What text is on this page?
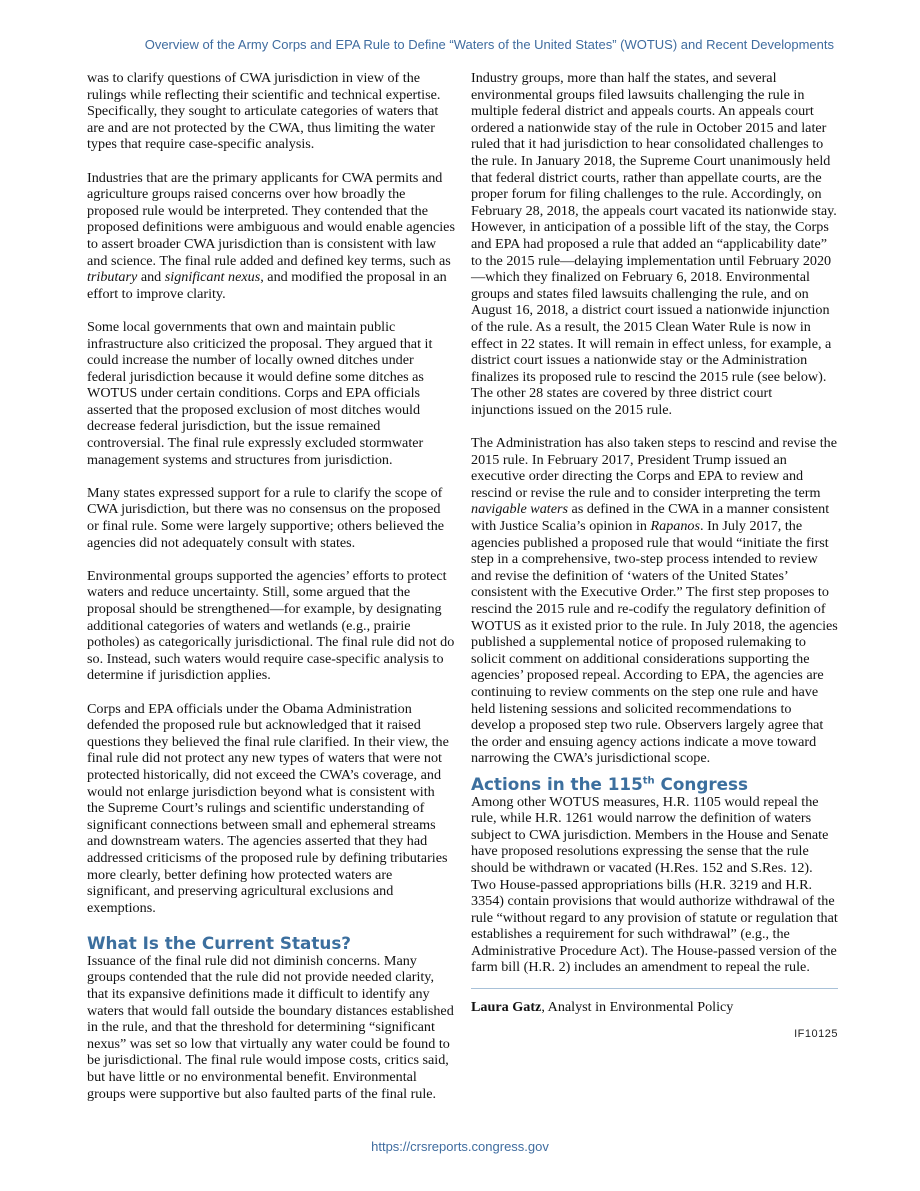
Overview of the Army Corps and EPA Rule to Define “Waters of the United States” (WOTUS) and Recent Developments

was to clarify questions of CWA jurisdiction in view of the rulings while reflecting their scientific and technical expertise. Specifically, they sought to articulate categories of waters that are and are not protected by the CWA, thus limiting the water types that require case-specific analysis.

Industries that are the primary applicants for CWA permits and agriculture groups raised concerns over how broadly the proposed rule would be interpreted. They contended that the proposed definitions were ambiguous and would enable agencies to assert broader CWA jurisdiction than is consistent with law and science. The final rule added and defined key terms, such as tributary and significant nexus, and modified the proposal in an effort to improve clarity.

Some local governments that own and maintain public infrastructure also criticized the proposal. They argued that it could increase the number of locally owned ditches under federal jurisdiction because it would define some ditches as WOTUS under certain conditions. Corps and EPA officials asserted that the proposed exclusion of most ditches would decrease federal jurisdiction, but the issue remained controversial. The final rule expressly excluded stormwater management systems and structures from jurisdiction.

Many states expressed support for a rule to clarify the scope of CWA jurisdiction, but there was no consensus on the proposed or final rule. Some were largely supportive; others believed the agencies did not adequately consult with states.

Environmental groups supported the agencies’ efforts to protect waters and reduce uncertainty. Still, some argued that the proposal should be strengthened—for example, by designating additional categories of waters and wetlands (e.g., prairie potholes) as categorically jurisdictional. The final rule did not do so. Instead, such waters would require case-specific analysis to determine if jurisdiction applies.

Corps and EPA officials under the Obama Administration defended the proposed rule but acknowledged that it raised questions they believed the final rule clarified. In their view, the final rule did not protect any new types of waters that were not protected historically, did not exceed the CWA’s coverage, and would not enlarge jurisdiction beyond what is consistent with the Supreme Court’s rulings and scientific understanding of significant connections between small and ephemeral streams and downstream waters. The agencies asserted that they had addressed criticisms of the proposed rule by defining tributaries more clearly, better defining how protected waters are significant, and preserving agricultural exclusions and exemptions.

What Is the Current Status?

Issuance of the final rule did not diminish concerns. Many groups contended that the rule did not provide needed clarity, that its expansive definitions made it difficult to identify any waters that would fall outside the boundary distances established in the rule, and that the threshold for determining “significant nexus” was set so low that virtually any water could be found to be jurisdictional. The final rule would impose costs, critics said, but have little or no environmental benefit. Environmental groups were supportive but also faulted parts of the final rule.

Industry groups, more than half the states, and several environmental groups filed lawsuits challenging the rule in multiple federal district and appeals courts. An appeals court ordered a nationwide stay of the rule in October 2015 and later ruled that it had jurisdiction to hear consolidated challenges to the rule. In January 2018, the Supreme Court unanimously held that federal district courts, rather than appellate courts, are the proper forum for filing challenges to the rule. Accordingly, on February 28, 2018, the appeals court vacated its nationwide stay. However, in anticipation of a possible lift of the stay, the Corps and EPA had proposed a rule that added an “applicability date” to the 2015 rule—delaying implementation until February 2020—which they finalized on February 6, 2018. Environmental groups and states filed lawsuits challenging the rule, and on August 16, 2018, a district court issued a nationwide injunction of the rule. As a result, the 2015 Clean Water Rule is now in effect in 22 states. It will remain in effect unless, for example, a district court issues a nationwide stay or the Administration finalizes its proposed rule to rescind the 2015 rule (see below). The other 28 states are covered by three district court injunctions issued on the 2015 rule.

The Administration has also taken steps to rescind and revise the 2015 rule. In February 2017, President Trump issued an executive order directing the Corps and EPA to review and rescind or revise the rule and to consider interpreting the term navigable waters as defined in the CWA in a manner consistent with Justice Scalia’s opinion in Rapanos. In July 2017, the agencies published a proposed rule that would “initiate the first step in a comprehensive, two-step process intended to review and revise the definition of ‘waters of the United States’ consistent with the Executive Order.” The first step proposes to rescind the 2015 rule and re-codify the regulatory definition of WOTUS as it existed prior to the rule. In July 2018, the agencies published a supplemental notice of proposed rulemaking to solicit comment on additional considerations supporting the agencies’ proposed repeal. According to EPA, the agencies are continuing to review comments on the step one rule and have held listening sessions and solicited recommendations to develop a proposed step two rule. Observers largely agree that the order and ensuing agency actions indicate a move toward narrowing the CWA’s jurisdictional scope.

Actions in the 115th Congress

Among other WOTUS measures, H.R. 1105 would repeal the rule, while H.R. 1261 would narrow the definition of waters subject to CWA jurisdiction. Members in the House and Senate have proposed resolutions expressing the sense that the rule should be withdrawn or vacated (H.Res. 152 and S.Res. 12). Two House-passed appropriations bills (H.R. 3219 and H.R. 3354) contain provisions that would authorize withdrawal of the rule “without regard to any provision of statute or regulation that establishes a requirement for such withdrawal” (e.g., the Administrative Procedure Act). The House-passed version of the farm bill (H.R. 2) includes an amendment to repeal the rule.

Laura Gatz, Analyst in Environmental Policy
IF10125
https://crsreports.congress.gov
